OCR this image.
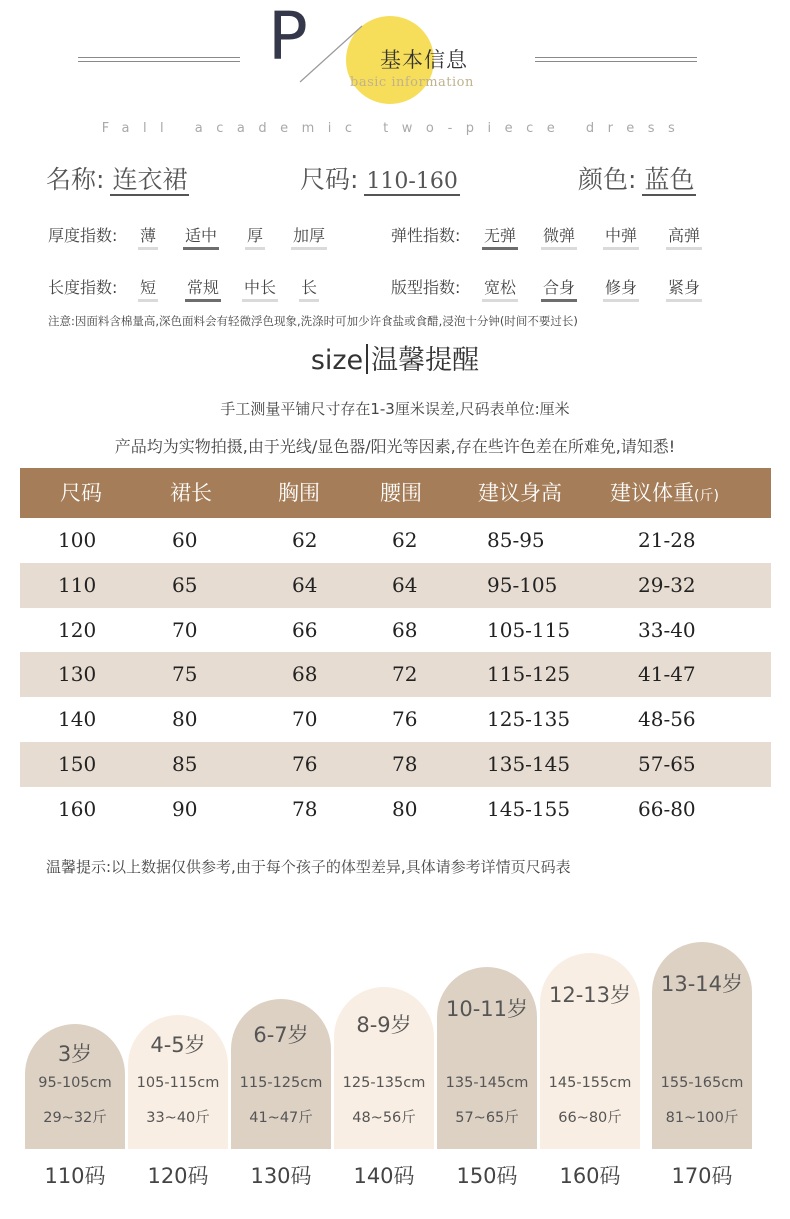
P	基本信息
basic information
Fall academic two-piece dress
名称: 连衣裙	尺码: 110-160	颜色: 蓝色
厚度指数: 薄 适中 厚 加厚	弹性指数: 无弹 微弹 中弹 高弹
长度指数: 短 常规 中长 长	版型指数: 宽松 合身 修身 紧身
注意:因面料含棉量高,深色面料会有轻微浮色现象,洗涤时可加少许食盐或食醋,浸泡十分钟(时间不要过长)
size 温馨提醒
手工测量平铺尺寸存在1-3厘米误差,尺码表单位:厘米
产品均为实物拍摄,由于光线/显色器/阳光等因素,存在些许色差在所难免,请知悉!
尺码	裙长	胸围	腰围	建议身高 建议体重(斤)
100	60	62	62	85-95	21-28
110	65	64	64	95-105	29-32
120	70	66	68	105-115	33-40
130	75	68	72	115-125	41-47
140	80	70	76	125-135	48-56
150	85	76	78	135-145	57-65
160	90	78	80	145-155	66-80
温馨提示:以上数据仅供参考,由于每个孩子的体型差异,具体请参考详情页尺码表
3岁
95-105cm
29~32斤
110码
4-5岁
105-115cm
33~40斤
120码
6-7岁
115-125cm
41~47斤
130码
8-9岁
125-135cm
48~56斤
140码
10-11岁
135-145cm
57~65斤
150码
12-13岁
145-155cm
66~80斤
160码
13-14岁
155-165cm
81~100斤
170码
